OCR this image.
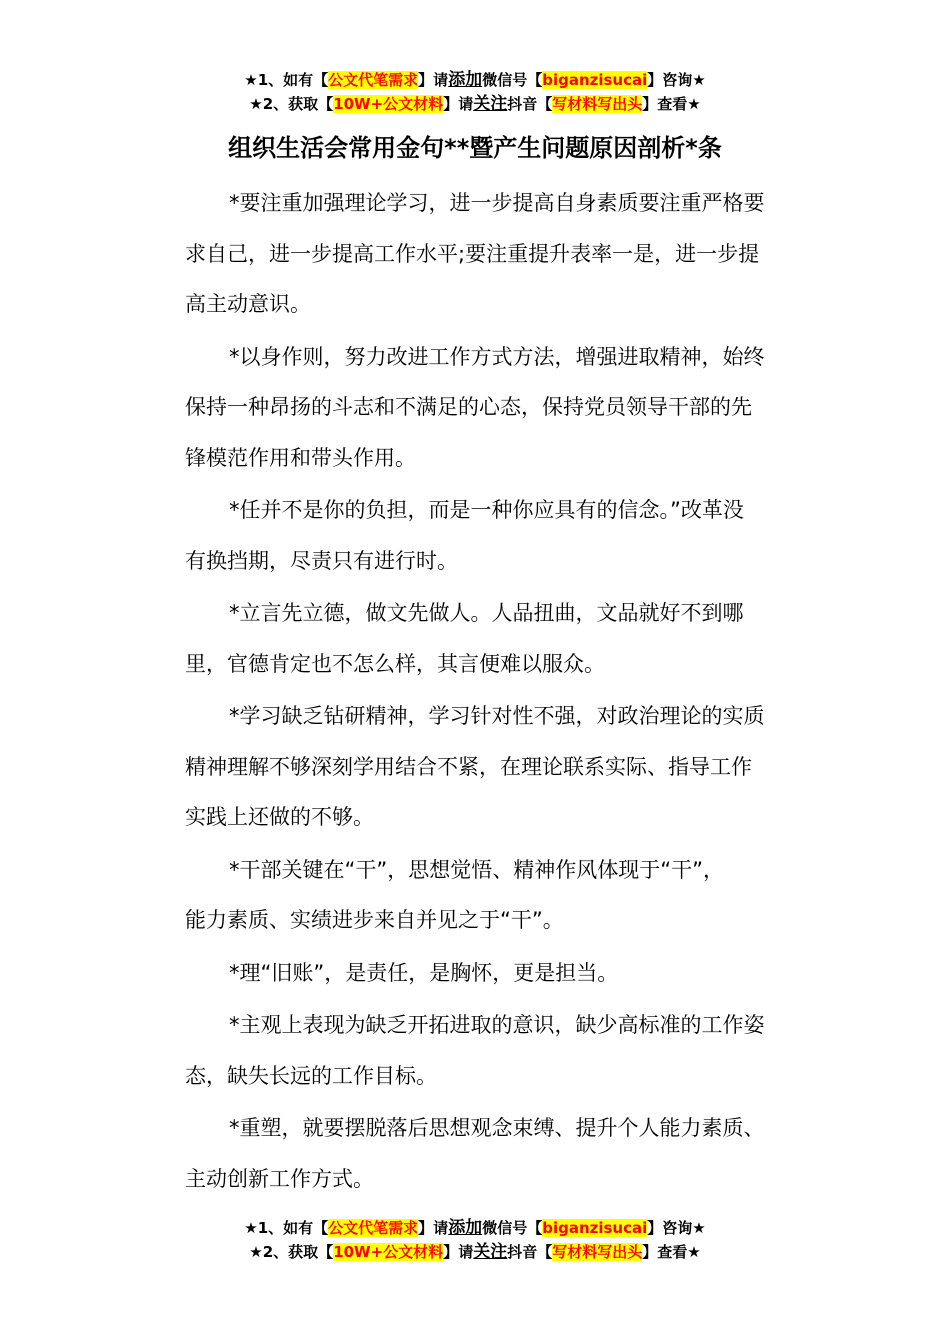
★1、如有【公文代笔需求】请添加微信号【biganzisucai】咨询★
★2、获取【10W+公文材料】请关注抖音【写材料写出头】查看★
组织生活会常用金句**暨产生问题原因剖析*条

*要注重加强理论学习，进一步提高自身素质要注重严格要
求自己，进一步提高工作水平;要注重提升表率一是，进一步提
高主动意识。

*以身作则，努力改进工作方式方法，增强进取精神，始终
保持一种昂扬的斗志和不满足的心态，保持党员领导干部的先
锋模范作用和带头作用。

*任并不是你的负担，而是一种你应具有的信念。”改革没
有换挡期，尽责只有进行时。

*立言先立德，做文先做人。人品扭曲，文品就好不到哪
里，官德肯定也不怎么样，其言便难以服众。

*学习缺乏钻研精神，学习针对性不强，对政治理论的实质
精神理解不够深刻学用结合不紧，在理论联系实际、指导工作
实践上还做的不够。

*干部关键在“干”，思想觉悟、精神作风体现于“干”，
能力素质、实绩进步来自并见之于“干”。

*理“旧账”，是责任，是胸怀，更是担当。

*主观上表现为缺乏开拓进取的意识，缺少高标准的工作姿
态，缺失长远的工作目标。

*重塑，就要摆脱落后思想观念束缚、提升个人能力素质、
主动创新工作方式。

★1、如有【公文代笔需求】请添加微信号【biganzisucai】咨询★
★2、获取【10W+公文材料】请关注抖音【写材料写出头】查看★
